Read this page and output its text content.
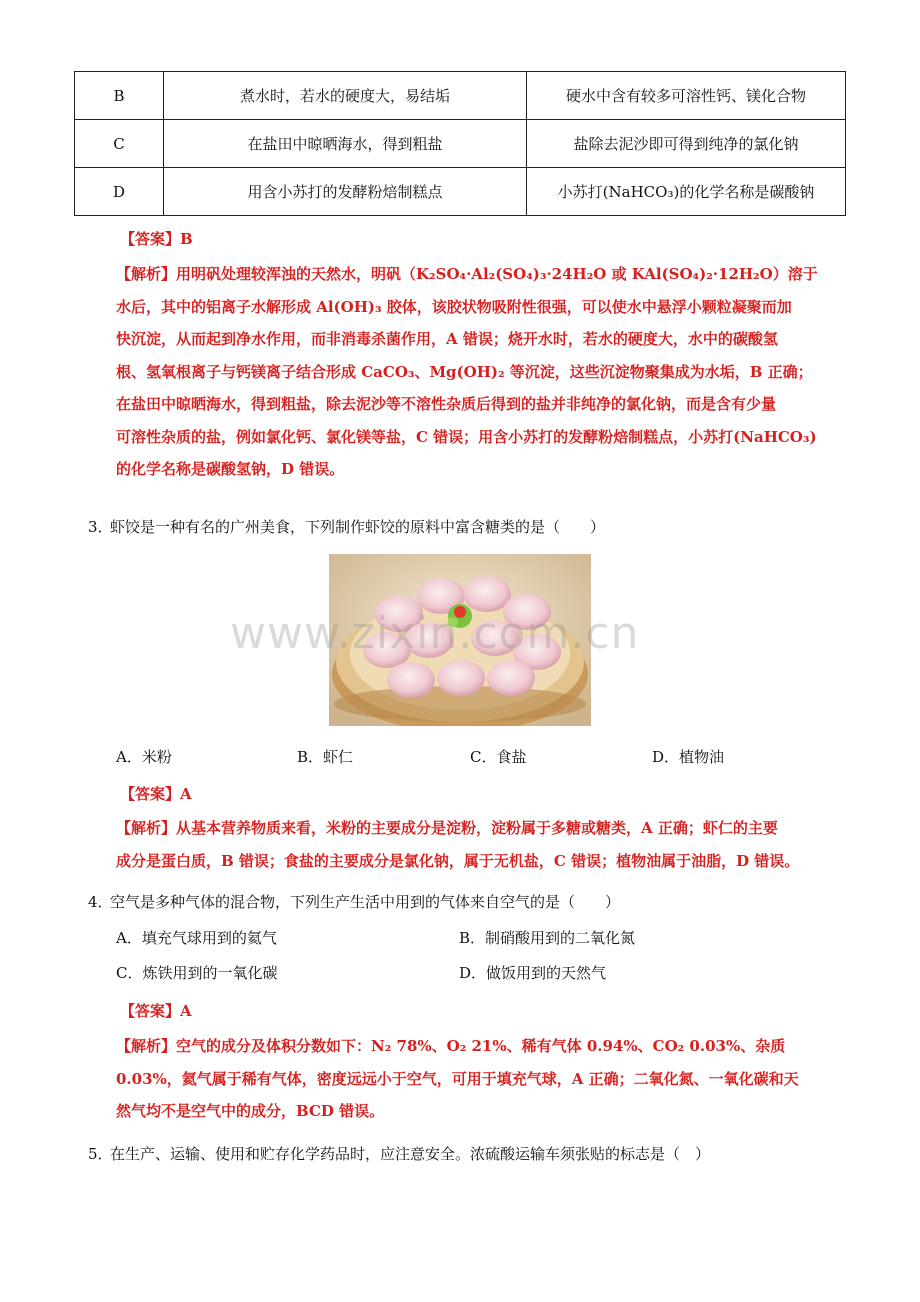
B	煮水时，若水的硬度大，易结垢	硬水中含有较多可溶性钙、镁化合物
C	在盐田中晾晒海水，得到粗盐	盐除去泥沙即可得到纯净的氯化钠
D	用含小苏打的发酵粉焙制糕点	小苏打(NaHCO₃)的化学名称是碳酸钠
【答案】B
【解析】用明矾处理较浑浊的天然水，明矾（K₂SO₄·Al₂(SO₄)₃·24H₂O 或 KAl(SO₄)₂·12H₂O）溶于
水后，其中的铝离子水解形成 Al(OH)₃ 胶体，该胶状物吸附性很强，可以使水中悬浮小颗粒凝聚而加
快沉淀，从而起到净水作用，而非消毒杀菌作用，A 错误；烧开水时，若水的硬度大，水中的碳酸氢
根、氢氧根离子与钙镁离子结合形成 CaCO₃、Mg(OH)₂ 等沉淀，这些沉淀物聚集成为水垢，B 正确；
在盐田中晾晒海水，得到粗盐，除去泥沙等不溶性杂质后得到的盐并非纯净的氯化钠，而是含有少量
可溶性杂质的盐，例如氯化钙、氯化镁等盐，C 错误；用含小苏打的发酵粉焙制糕点，小苏打(NaHCO₃)
的化学名称是碳酸氢钠，D 错误。
3．
虾饺是一种有名的广州美食，下列制作虾饺的原料中富含糖类的是（　　）
A．米粉	B．虾仁	C．食盐	D．植物油
【答案】A
【解析】从基本营养物质来看，米粉的主要成分是淀粉，淀粉属于多糖或糖类，A 正确；虾仁的主要
成分是蛋白质，B 错误；食盐的主要成分是氯化钠，属于无机盐，C 错误；植物油属于油脂，D 错误。
4．
空气是多种气体的混合物，下列生产生活中用到的气体来自空气的是（　　）
A．填充气球用到的氦气	B．制硝酸用到的二氧化氮
C．炼铁用到的一氧化碳	D．做饭用到的天然气
【答案】A
【解析】空气的成分及体积分数如下：N₂ 78%、O₂ 21%、稀有气体 0.94%、CO₂ 0.03%、杂质
0.03%，氦气属于稀有气体，密度远远小于空气，可用于填充气球，A 正确；二氧化氮、一氧化碳和天
然气均不是空气中的成分，BCD 错误。
5．
在生产、运输、使用和贮存化学药品时，应注意安全。浓硫酸运输车须张贴的标志是（　）
www.zixin.com.cn
